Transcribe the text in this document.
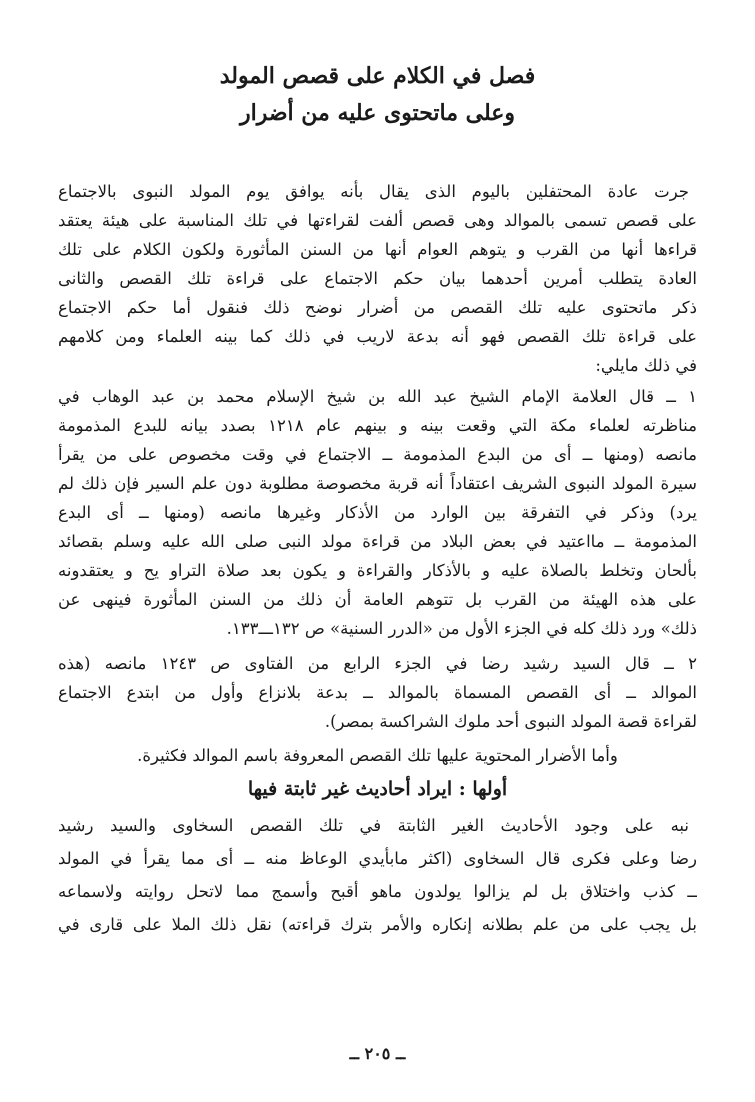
فصل في الكلام على قصص المولد
وعلى ماتحتوى عليه من أضرار
جرت عادة المحتفلين باليوم الذى يقال بأنه يوافق يوم المولد النبوى بالاجتماع
على قصص تسمى بالموالد وهى قصص ألفت لقراءتها في تلك المناسبة على هيئة يعتقد
قراءها أنها من القرب و يتوهم العوام أنها من السنن المأثورة ولكون الكلام على تلك
العادة يتطلب أمرين أحدهما بيان حكم الاجتماع على قراءة تلك القصص والثانى
ذكر ماتحتوى عليه تلك القصص من أضرار نوضح ذلك فنقول أما حكم الاجتماع
على قراءة تلك القصص فهو أنه بدعة لاريب في ذلك كما بينه العلماء ومن كلامهم
في ذلك مايلي:
١ ــ قال العلامة الإمام الشيخ عبد الله بن شيخ الإسلام محمد بن عبد الوهاب في
مناظرته لعلماء مكة التي وقعت بينه و بينهم عام ١٢١٨ بصدد بيانه للبدع المذمومة
مانصه (ومنها ــ أى من البدع المذمومة ــ الاجتماع في وقت مخصوص على من يقرأ
سيرة المولد النبوى الشريف اعتقاداً أنه قربة مخصوصة مطلوبة دون علم السير فإن ذلك لم
يرد) وذكر في التفرقة بين الوارد من الأذكار وغيرها مانصه (ومنها ــ أى البدع
المذمومة ــ مااعتيد في بعض البلاد من قراءة مولد النبى صلى الله عليه وسلم بقصائد
بألحان وتخلط بالصلاة عليه و بالأذكار والقراءة و يكون بعد صلاة التراو يح و يعتقدونه
على هذه الهيئة من القرب بل تتوهم العامة أن ذلك من السنن المأثورة فينهى عن
ذلك» ورد ذلك كله في الجزء الأول من «الدرر السنية» ص ١٣٢ـــ١٣٣.
٢ ــ قال السيد رشيد رضا في الجزء الرابع من الفتاوى ص ١٢٤٣ مانصه (هذه
الموالد ــ أى القصص المسماة بالموالد ــ بدعة بلانزاع وأول من ابتدع الاجتماع
لقراءة قصة المولد النبوى أحد ملوك الشراكسة بمصر).
وأما الأضرار المحتوية عليها تلك القصص المعروفة باسم الموالد فكثيرة.
أولها : ايراد أحاديث غير ثابتة فيها
نبه على وجود الأحاديث الغير الثابتة في تلك القصص السخاوى والسيد رشيد
رضا وعلى فكرى قال السخاوى (اكثر مابأيدي الوعاظ منه ــ أى مما يقرأ في المولد
ــ كذب واختلاق بل لم يزالوا يولدون ماهو أقبح وأسمج مما لاتحل روايته ولاسماعه
بل يجب على من علم بطلانه إنكاره والأمر بترك قراءته) نقل ذلك الملا على قارى في
ــ ٢٠٥ ــ
